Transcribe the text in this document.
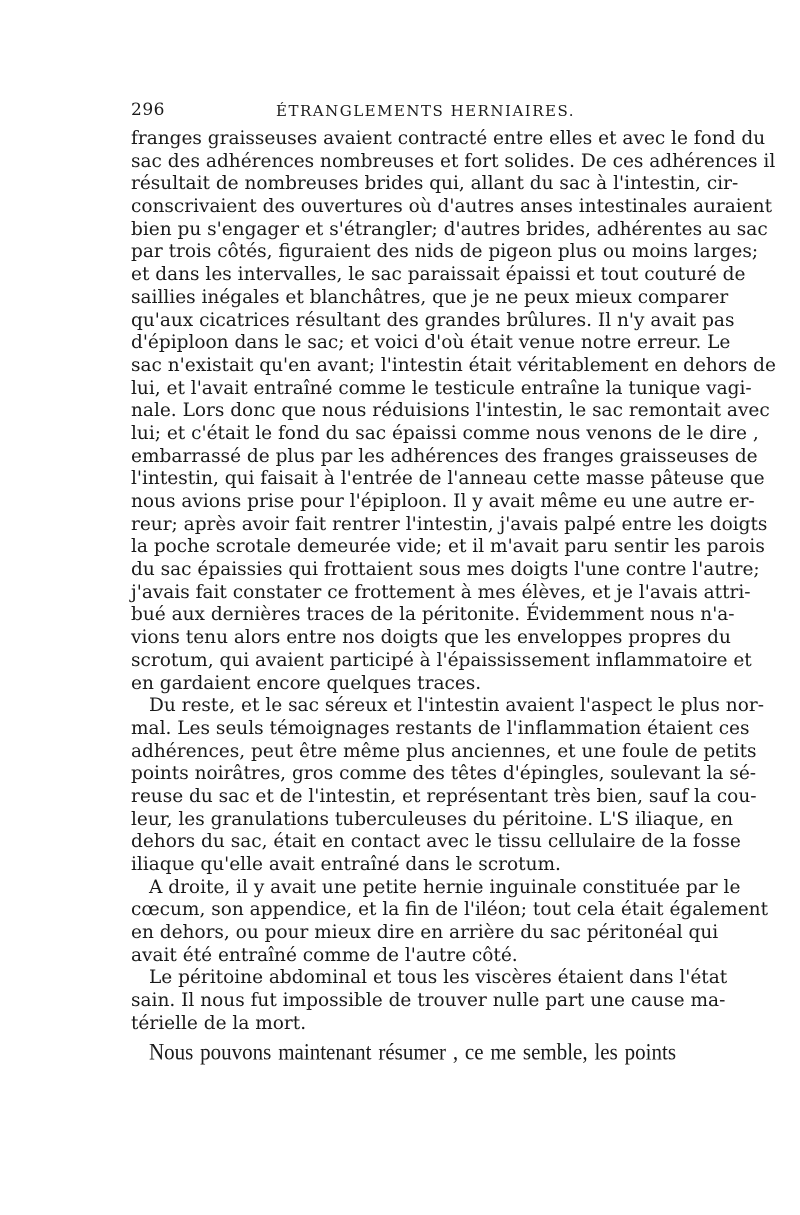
296	ÉTRANGLEMENTS HERNIAIRES.
franges graisseuses avaient contracté entre elles et avec le fond du
sac des adhérences nombreuses et fort solides. De ces adhérences il
résultait de nombreuses brides qui, allant du sac à l'intestin, cir-
conscrivaient des ouvertures où d'autres anses intestinales auraient
bien pu s'engager et s'étrangler; d'autres brides, adhérentes au sac
par trois côtés, figuraient des nids de pigeon plus ou moins larges;
et dans les intervalles, le sac paraissait épaissi et tout couturé de
saillies inégales et blanchâtres, que je ne peux mieux comparer
qu'aux cicatrices résultant des grandes brûlures. Il n'y avait pas
d'épiploon dans le sac; et voici d'où était venue notre erreur. Le
sac n'existait qu'en avant; l'intestin était véritablement en dehors de
lui, et l'avait entraîné comme le testicule entraîne la tunique vagi-
nale. Lors donc que nous réduisions l'intestin, le sac remontait avec
lui; et c'était le fond du sac épaissi comme nous venons de le dire ,
embarrassé de plus par les adhérences des franges graisseuses de
l'intestin, qui faisait à l'entrée de l'anneau cette masse pâteuse que
nous avions prise pour l'épiploon. Il y avait même eu une autre er-
reur; après avoir fait rentrer l'intestin, j'avais palpé entre les doigts
la poche scrotale demeurée vide; et il m'avait paru sentir les parois
du sac épaissies qui frottaient sous mes doigts l'une contre l'autre;
j'avais fait constater ce frottement à mes élèves, et je l'avais attri-
bué aux dernières traces de la péritonite. Évidemment nous n'a-
vions tenu alors entre nos doigts que les enveloppes propres du
scrotum, qui avaient participé à l'épaississement inflammatoire et
en gardaient encore quelques traces.
Du reste, et le sac séreux et l'intestin avaient l'aspect le plus nor-
mal. Les seuls témoignages restants de l'inflammation étaient ces
adhérences, peut être même plus anciennes, et une foule de petits
points noirâtres, gros comme des têtes d'épingles, soulevant la sé-
reuse du sac et de l'intestin, et représentant très bien, sauf la cou-
leur, les granulations tuberculeuses du péritoine. L'S iliaque, en
dehors du sac, était en contact avec le tissu cellulaire de la fosse
iliaque qu'elle avait entraîné dans le scrotum.
A droite, il y avait une petite hernie inguinale constituée par le
cœcum, son appendice, et la fin de l'iléon; tout cela était également
en dehors, ou pour mieux dire en arrière du sac péritonéal qui
avait été entraîné comme de l'autre côté.
Le péritoine abdominal et tous les viscères étaient dans l'état
sain. Il nous fut impossible de trouver nulle part une cause ma-
térielle de la mort.
Nous pouvons maintenant résumer , ce me semble, les points
